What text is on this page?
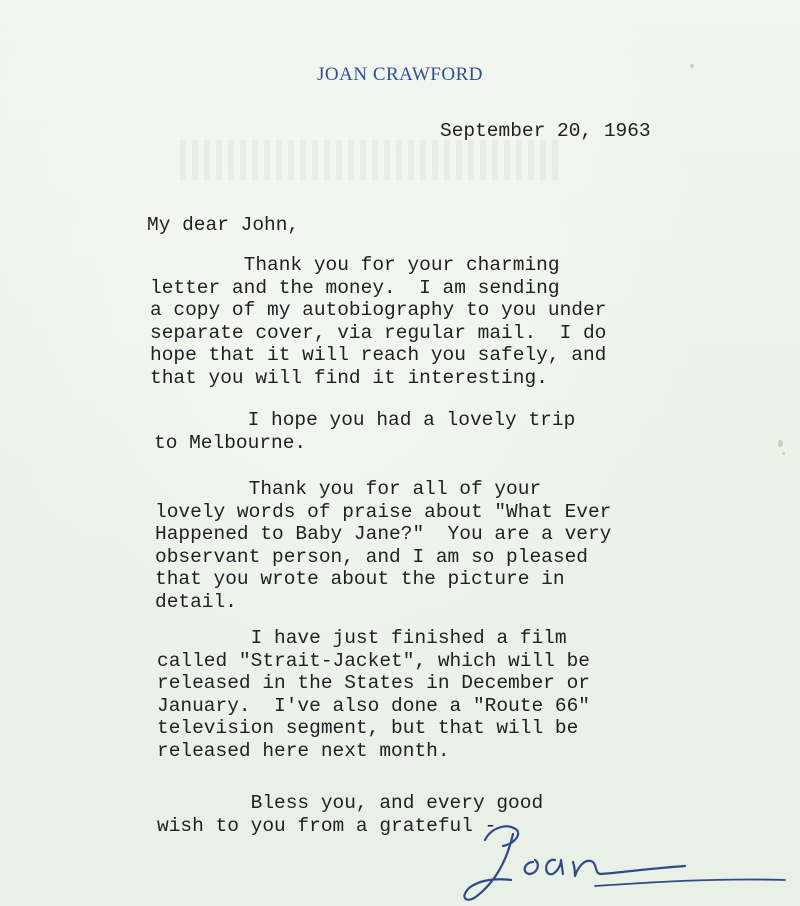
JOAN CRAWFORD
September 20, 1963
My dear John,
Thank you for your charming
letter and the money.  I am sending
a copy of my autobiography to you under
separate cover, via regular mail.  I do
hope that it will reach you safely, and
that you will find it interesting.
I hope you had a lovely trip
to Melbourne.
Thank you for all of your
lovely words of praise about "What Ever
Happened to Baby Jane?"  You are a very
observant person, and I am so pleased
that you wrote about the picture in
detail.
I have just finished a film
called "Strait-Jacket", which will be
released in the States in December or
January.  I've also done a "Route 66"
television segment, but that will be
released here next month.
Bless you, and every good
wish to you from a grateful -
